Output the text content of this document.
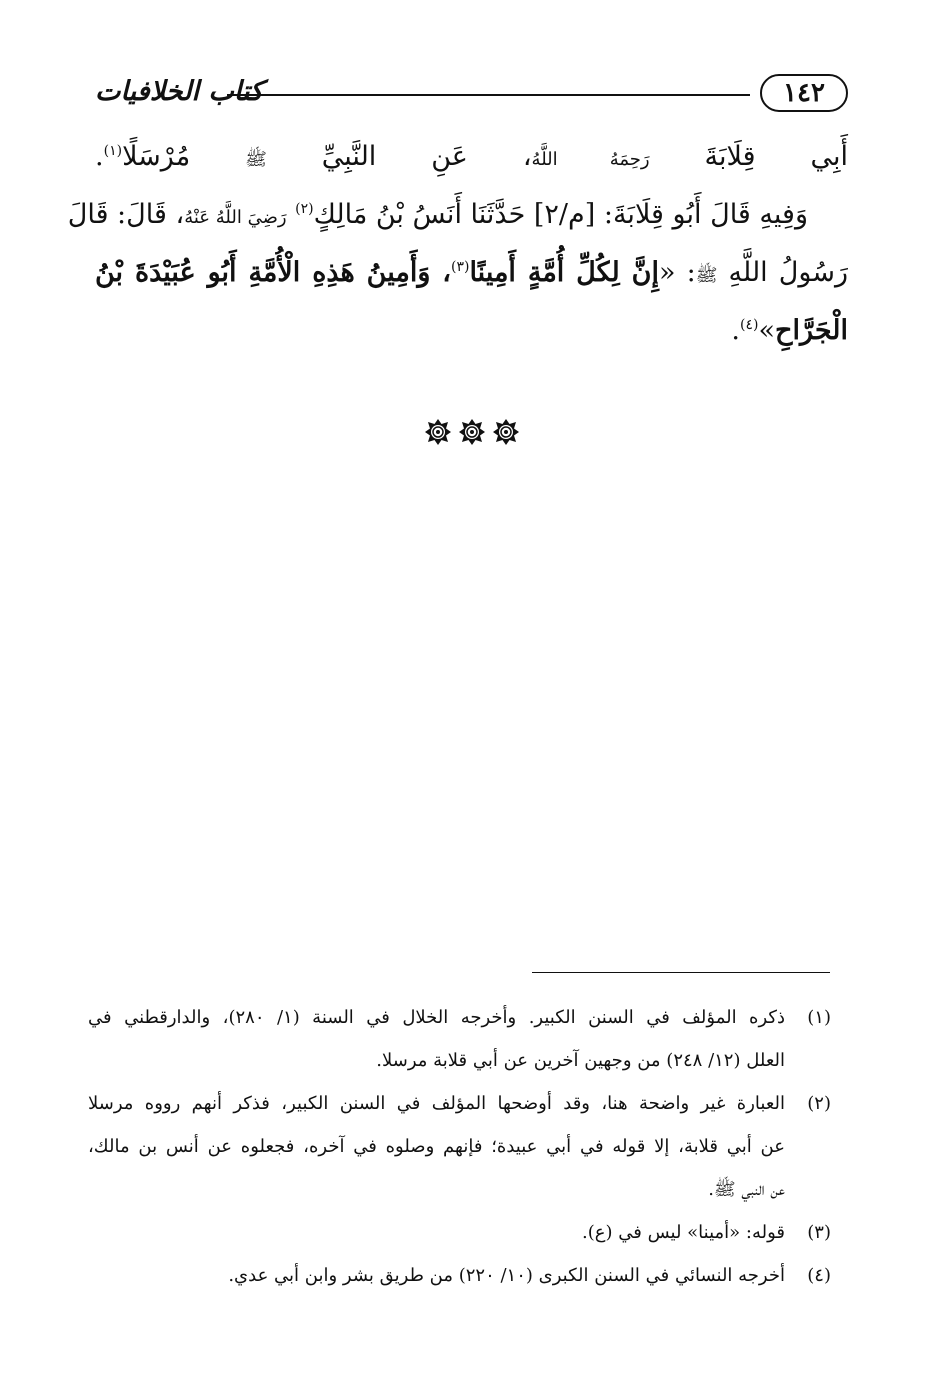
١٤٢
كتاب الخلافيات
أَبِي قِلَابَةَ رَحِمَهُ اللَّهُ، عَنِ النَّبِيِّ ﷺ مُرْسَلًا$^{(١)}$.
وَفِيهِ قَالَ أَبُو قِلَابَةَ: [م/٢] حَدَّثَنَا أَنَسُ بْنُ مَالِكٍ$^{(٢)}$ رَضِيَ اللَّهُ عَنْهُ، قَالَ: قَالَ
رَسُولُ اللَّهِ ﷺ: «إِنَّ لِكُلِّ أُمَّةٍ أَمِينًا$^{(٣)}$، وَأَمِينُ هَذِهِ الْأُمَّةِ أَبُو عُبَيْدَةَ بْنُ
الْجَرَّاحِ»$^{(٤)}$.
(١)
ذكره المؤلف في السنن الكبير. وأخرجه الخلال في السنة (١/ ٢٨٠)، والدارقطني في
العلل (١٢/ ٢٤٨) من وجهين آخرين عن أبي قلابة مرسلا.
(٢)
العبارة غير واضحة هنا، وقد أوضحها المؤلف في السنن الكبير، فذكر أنهم رووه مرسلا
عن أبي قلابة، إلا قوله في أبي عبيدة؛ فإنهم وصلوه في آخره، فجعلوه عن أنس بن مالك،
عن النبي ﷺ.
(٣)
قوله: «أمينا» ليس في (ع).
(٤)
أخرجه النسائي في السنن الكبرى (١٠/ ٢٢٠) من طريق بشر وابن أبي عدي.
